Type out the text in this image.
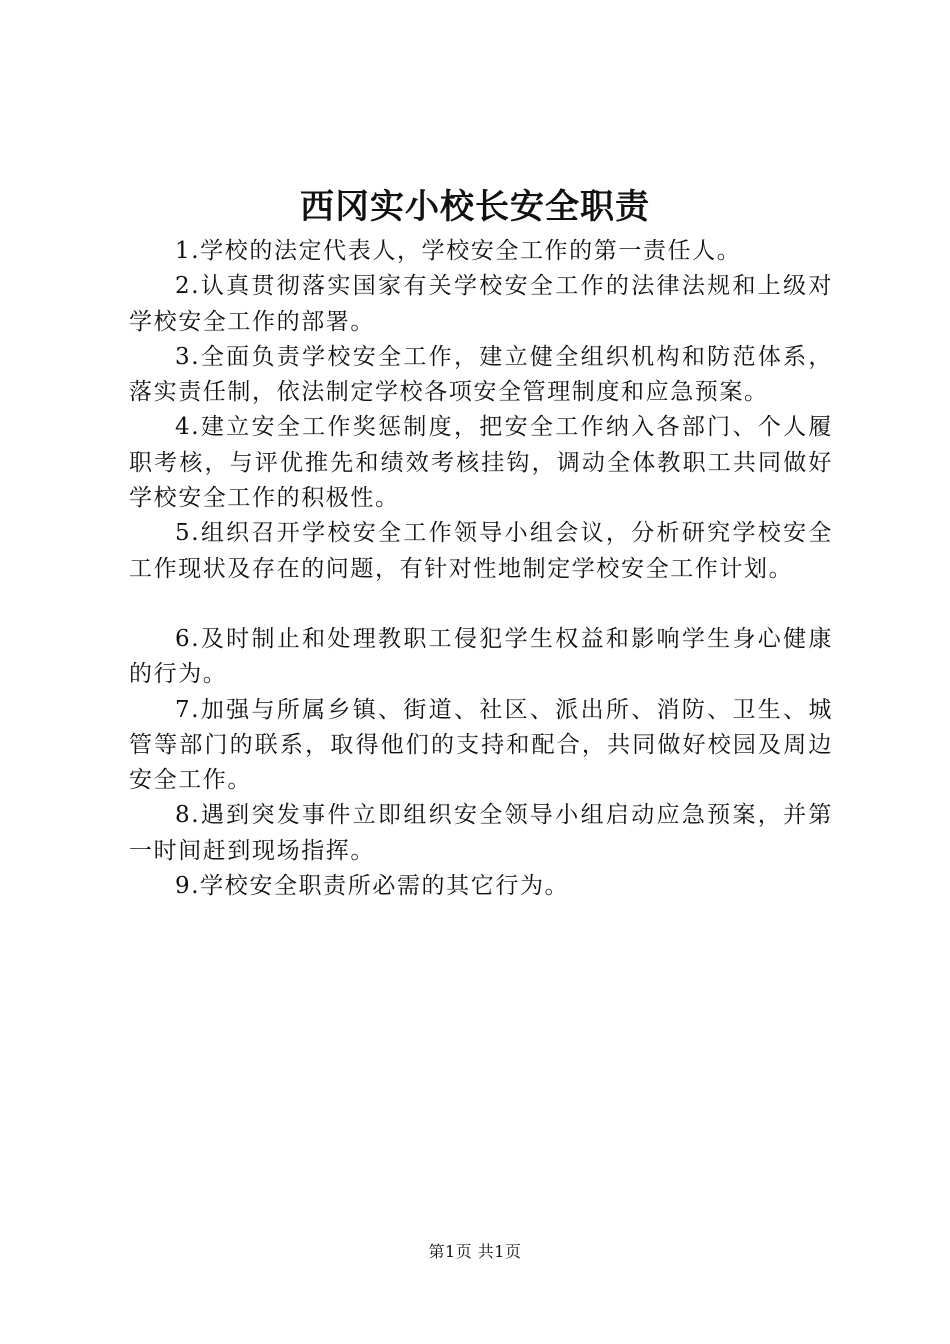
西冈实小校长安全职责

1.学校的法定代表人，学校安全工作的第一责任人。

2.认真贯彻落实国家有关学校安全工作的法律法规和上级对学校安全工作的部署。

3.全面负责学校安全工作，建立健全组织机构和防范体系，落实责任制，依法制定学校各项安全管理制度和应急预案。

4.建立安全工作奖惩制度，把安全工作纳入各部门、个人履职考核，与评优推先和绩效考核挂钩，调动全体教职工共同做好学校安全工作的积极性。

5.组织召开学校安全工作领导小组会议，分析研究学校安全工作现状及存在的问题，有针对性地制定学校安全工作计划。

6.及时制止和处理教职工侵犯学生权益和影响学生身心健康的行为。

7.加强与所属乡镇、街道、社区、派出所、消防、卫生、城管等部门的联系，取得他们的支持和配合，共同做好校园及周边安全工作。

8.遇到突发事件立即组织安全领导小组启动应急预案，并第一时间赶到现场指挥。

9.学校安全职责所必需的其它行为。

第1页 共1页
